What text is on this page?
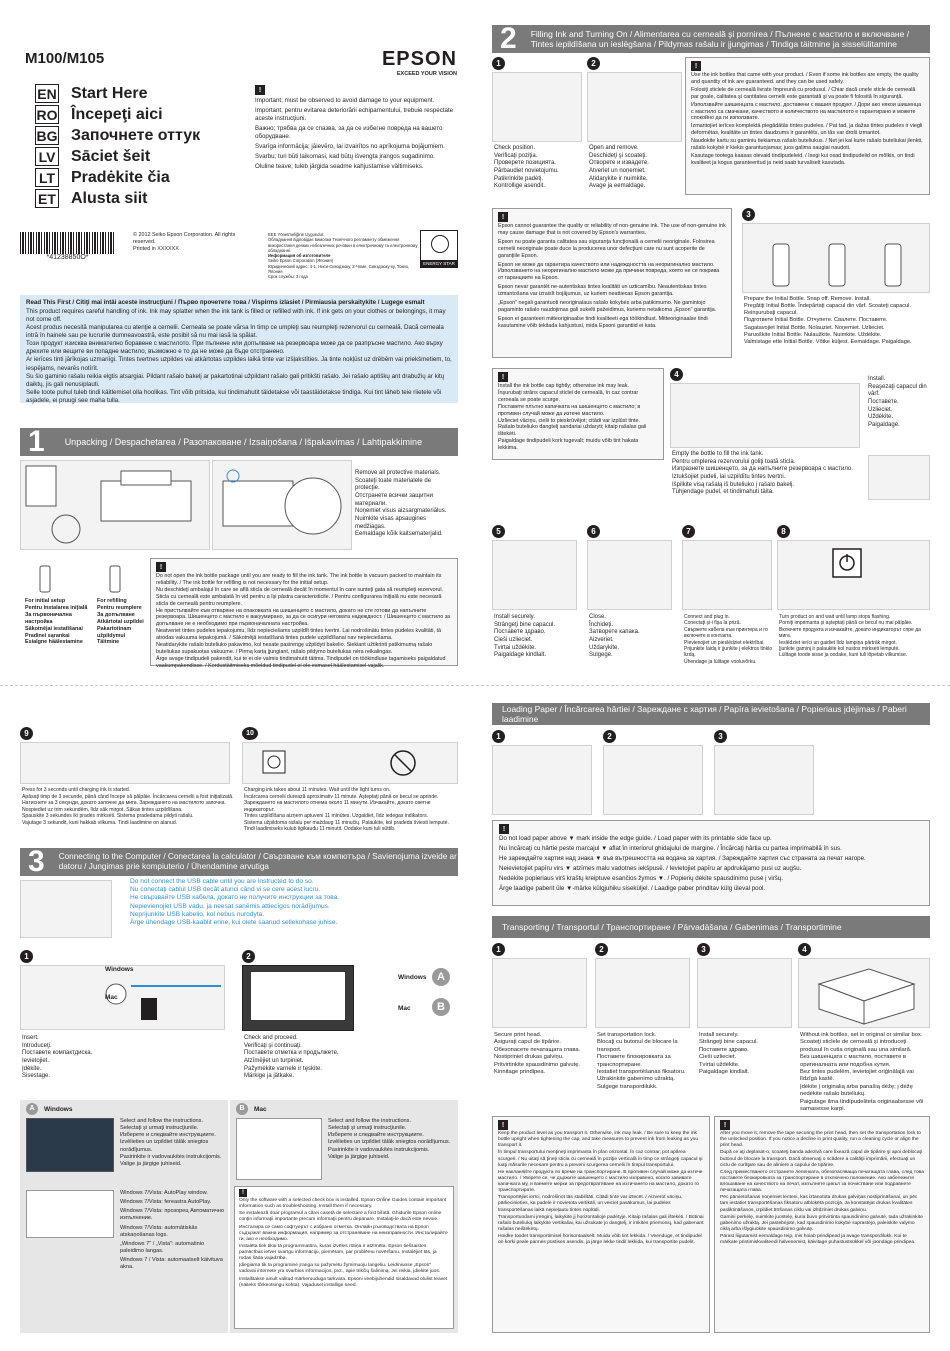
M100/M105	EPSON
EXCEED YOUR VISION
EN Start Here
RO Începeţi aici
BG Започнете оттук
LV Sāciet šeit
LT Pradėkite čia
ET Alusta siit
!
Important; must be observed to avoid damage to your equipment.
Important; pentru evitarea deteriorării echipamentului, trebuie respectate aceste instrucţiuni.
Важно; трябва да се спазва, за да се избегне повреда на вашето оборудване.
Svarīga informācija; jāievēro, lai izvairītos no aprīkojuma bojājumiem.
Svarbu; turi būti laikomasi, kad būtų išvengta įrangos sugadinimo.
Oluline teave; tuleb järgida seadme kahjustamise vältimiseks.
*41238850O*
© 2012 Seiko Epson Corporation. All rights reserved.
Printed in XXXXXX
EEE Yönetmeliğine Uygundur.
Обладнання відповідає вимогам Технічного регламенту обмеження використання деяких небезпечних речовин в електричному та електронному обладнанні.
Информация об изготовителе
Seiko Epson Corporation (Япония)
Юридический адрес: 4-1, Ниси-Синздзюку, 2-Чоме, Синздзюку-ку, Токио, Япония
Срок службы: 3 года
ENERGY STAR
Read This First / Citiţi mai întâi aceste instrucţiuni / Първо прочетете това / Vispirms izlasiet / Pirmiausia perskaitykite / Lugege esmalt
This product requires careful handling of ink. Ink may splatter when the ink tank is filled or refilled with ink. If ink gets on your clothes or belongings, it may not come off.
Acest produs necesită manipularea cu atenţie a cernelii. Cerneala se poate vărsa în timp ce umpleţi sau reumpleţi rezervorul cu cerneală. Dacă cerneala intră în hainele sau pe lucrurile dumneavoastră, este posibil să nu mai iasă la spălat.
Този продукт изисква внимателно боравене с мастилото. При пълнене или допълване на резервоара може да се разпръсне мастило. Ако върху дрехите или вещите ви попадне мастило, възможно е то да не може да бъде отстранено.
Ar ierīces tinti jārīkojas uzmanīgi. Tintes tvertnes uzpildes vai atkārtotas uzpildes laikā tinte var izšļakstīties. Ja tinte nokļūst uz drēbēm vai priekšmetiem, to, iespējams, nevarēs notīrīt.
Su šio gaminio rašalu reikia elgtis atsargiai. Pildant rašalo bakelį ar pakartotinai užpildant rašalo gali pritikšti rašalo. Jei rašalo aptiškų ant drabužių ar kitų daiktų, jis gali nenusiplauti.
Selle toote puhul tuleb tindi käitlemisel olla hoolikas. Tint võib pritsida, kui tindimahutit täidetakse või taastäidetakse tindiga. Kui tint läheb teie riietele või asjadele, ei pruugi see maha tulla.
1 Unpacking / Despachetarea / Разопаковане / Izsaiņošana / Išpakavimas / Lahtipakkimine
Remove all protective materials.
Scoateţi toate materialele de protecţie.
Отстранете всички защитни материали.
Noņemiet visus aizsargmateriālus.
Nuimkite visas apsaugines medžiagas.
Eemaldage kõik kaitsematerjalid.
For initial setup
Pentru instalarea iniţială
За първоначална настройка
Sākotnējai iestatīšanai
Pradinei sąrankai
Esialgne häälestamine
For refilling
Pentru reumplere
За допълване
Atkārtotai uzpildei
Pakartotinam užpildymui
Täitmine
!
Do not open the ink bottle package until you are ready to fill the ink tank. The ink bottle is vacuum packed to maintain its reliability. / The ink bottle for refilling is not necessary for the initial setup.
Nu deschideţi ambalajul în care se află sticla de cerneală decât în momentul în care sunteţi gata să reumpleţi rezervorul. Sticla cu cerneală este ambalată în vid pentru a îşi păstra caracteristicile. / Pentru configurarea iniţială nu este necesară sticla de cerneală pentru reumplere.
Не пристъпвайте към отваряне на опаковката на шишенцето с мастило, докато не сте готови да напълните резервоара. Шишенцето с мастило е вакуумирано, за да се осигури неговата надеждност. / Шишенцето с мастило за допълване не е необходимо при първоначалната настройка.
Neatveriet tintes pudeles iepakojumu, līdz nepieciešams uzpildīt tintes tvertni. Lai nodrošinātu tintes pudeles kvalitāti, tā atrodas vakuuma iepakojumā. / Sākotnējā iestatīšanā tintes pudele uzpildīšanai nav nepieciešama.
Neatidarykite rašalo buteliuko pakavimo, kol nesate pasirengę užpildyti bakelio. Siekiant užtikrinti patikimumą rašalo buteliukas supakuotas vakuume. / Pirmą kartą įjungiant, rašalo pildymo buteliukas nėra reikalingas.
Ärge avage tindipudeli pakendit, kui te ei ole valmis tindimahutit täitma. Tindipudel on töökindluse tagamiseks paigaldatud vaakumpakendisse. / Kordustäitmiseks mõeldud tindipudel ei ole esmasel häälestamisel vajalik.
2 Filling Ink and Turning On / Alimentarea cu cerneală şi pornirea / Пълнене с мастило и включване / Tintes iepildīšana un ieslēgšana / Pildymas rašalu ir įjungimas / Tindiga täitmine ja sisselülitamine
1
Check position.
Verificaţi poziţia.
Проверете позицията.
Pārbaudiet novietojumu.
Patikrinkite padėtį.
Kontrollige asendit.
2
Open and remove.
Deschideţi şi scoateţi.
Отворете и извадете.
Atveriet un noņemiet.
Atidarykite ir nuimkite.
Avage ja eemaldage.
!
Use the ink bottles that came with your product. / Even if some ink bottles are empty, the quality and quantity of ink are guaranteed. and they can be used safely.
Folosiţi sticlele de cerneală livrate împreună cu produsul. / Chiar dacă unele sticle de cerneală par goale, calitatea şi cantitatea cernelii este garantată şi va poate fi folosită în siguranţă.
Използвайте шишенцата с мастило, доставени с вашия продукт. / Дори ако някои шишенца с мастило са смачкани, качеството и количеството на мастилото е гарантирано и можете спокойно да ги използвате.
Izmantojiet ierīces komplektā piegādātās tintes pudeles. / Pat tad, ja dažas tintes pudeles ir viegli deformētas, kvalitāte un tintes daudzums ir garantēts, un tās var droši izmantot.
Naudokite kartu su gaminiu tiekiamus rašalo buteliukus. / Net jei kai kurie rašalo buteliukai įlenkti, rašalo kokybė ir kiekis garantuojamas; juos galima saugiai naudoti.
Kasutage tootega kaasas olevaid tindipudeleid. / Isegi kui osad tindipudelid on mõlkis, on tindi kvaliteet ja kogus garanteeritud ja neid saab turvaliselt kasutada.
!
Epson cannot guarantee the quality or reliability of non-genuine ink. The use of non-genuine ink may cause damage that is not covered by Epson's warranties.
Epson nu poate garanta calitatea sau siguranţa funcţională a cernelii neoriginale. Folosirea cernelii neoriginale poate duce la producerea unor defecţiuni care nu sunt acoperite de garanţiile Epson.
Epson не може да гарантира качеството или надеждността на неоригинално мастило. Използването на неоригинално мастило може да причини повреда, която не се покрива от гаранциите на Epson.
Epson nevar garantēt ne-autentiskas tintes kvalitāti un uzticamību. Neautentiskas tintes izmantošana var izraisīt bojājumus, uz kuriem neattiecas Epson garantija.
„Epson" negali garantuoti neoriginalaus rašalo kokybės arba patikimumo. Ne gamintojo pagaminto rašalo naudojimas gali sukelti pažeidimus, kuriems netaikoma „Epson" garantija.
Epson ei garanteeri mitteoriginaalse tindi kvaliteeti ega töökindlust. Mitteoriginaalse tindi kasutamine võib tekitada kahjustusi, mida Epsoni garantiid ei kata.
3
Prepare the Initial Bottle. Snap off. Remove. Install.
Pregătiţi Initial Bottle. Îndepărtaţi capacul din vârf. Scoateţi capacul. Reinşurubaţi capacul.
Подгответе Initial Bottle. Отчупете. Свалете. Поставете.
Sagatavojiet Initial Bottle. Nolauziet. Noņemiet. Uzlieciet.
Paruoškite Initial Bottle. Nulaužkite. Nuimkite. Uždėkite.
Valmistage ette Initial Bottle. Võtke küljest. Eemaldage. Paigaldage.
!
Install the ink bottle cap tightly; otherwise ink may leak.
Înşurubaţi strâns capacul sticlei de cerneală, în caz contrar cerneala se poate scurge.
Поставете плътно капачката на шишенцето с мастило; в противен случай може да изтече мастило.
Uzlieciet vāciņu, cieši to pieskrūvējot; citādi var izplūst tinte.
Rašalo buteliuko dangtelį sandariai uždaryti; kitaip rašalas gali ištekėti.
Paigaldage tindipudeli kork tugevalt; muidu võib tint hakata lekkima.
4	Install.
Reaşezaţi capacul din vârf.
Поставете.
Uzlieciet.
Uždėkite.
Paigaldage.
Empty the bottle to fill the ink tank.
Pentru umplerea rezervorului goliţi toată sticla.
Изпразнете шишенцето, за да напълните резервоара с мастило.
Iztukšojiet pudeli, lai uzpildītu tintes tvertni.
Išpilkite visą rašalą iš buteliuko į rašalo bakelį.
Tühjendage pudel, et tindimahuti täita.
5
Install securely.
Strângeţi bine capacul.
Поставете здраво.
Cieši uzlieciet.
Tvirtai uždėkite.
Paigaldage kindlalt.
6
Close.
Închideţi.
Затворете капака.
Aizveriet.
Uždarykite.
Sulgege.
7
Connect and plug in.
Conectaţi şi-i fişa la priză.
Свържете кабела към принтера и го включете в контакта.
Pievienojiet un pieslēdziet elektrībai.
Prijunkite laidą ir įjunkite į elektros tinklo lizdą.
Ühendage ja lülitage vooluvõrku.
8
Turn product on and wait until lamp stops flashing.
Porniţi imprimanta şi aşteptaţi până ce becul nu mai pâlpăie.
Включете продукта и изчакайте, докато индикаторът спре да мига.
Ieslēdziet ierīci un gaidiet līdz lampiņa pārtrāk mirgot.
Įjunkite gaminį ir palaukite kol nustos mirksėti lemputė.
Lülitage toode sisse ja oodake, kuni tuli lõpetab vilkumise.
9
Press for 3 seconds until charging ink is started.
Apăsaţi timp de 3 secunde, până când începe să pâlpâie. Încărcarea cernelii a fost iniţializată.
Натиснете за 3 секунди, докато започне да мига. Зареждането на мастилото започна.
Nospiediet uz trim sekundēm, līdz sāk mirgot. Sākas tintes uzpildīšana.
Spauskite 3 sekundes iki pradės mirksėti. Sistema pradedama pildyti rašalu.
Vajutage 3 sekundit, kuni hakkab vilkuma. Tindi laadimine on alanud.
10
Charging ink takes about 11 minutes. Wait until the light turns on.
Încărcarea cernelii durează aproximativ 11 minute. Aşteptaţi până ce becul se aprinde.
Зареждането на мастилото отнема около 11 минути. Изчакайте, докато светне индикаторът.
Tintes uzpildīšana aizņem aptuveni 11 minūtes. Uzgaidiet, līdz iedegas indikators.
Sistema užpildoma rašalu per maždaug 11 minučių. Palaukite, kol pradeda šviesti lemputė.
Tindi laadimiseks kulub ligikaudu 11 minutit. Oodake kuni tuli süttib.
3 Connecting to the Computer / Conectarea la calculator / Свързване към компютъра / Savienojuma izveide ar datoru / Jungimas prie kompiuterio / Ühendamine arvutiga
Do not connect the USB cable until you are instructed to do so.
Nu conectaţi cablul USB decât atunci când vi se cere acest lucru.
Не свързвайте USB кабела, докато не получите инструкции за това.
Nepievienojiet USB vadu, ja neesat saņēmis attiecīgos norādījumus.
Neprijunkite USB kabelio, kol nebus nurodyta.
Ärge ühendage USB-kaablit enne, kui olete saanud sellekohase juhise.
1
Windows
Mac
Insert.
Introduceţi.
Поставете компактдиска.
Ievietojiet.
Įdėkite.
Sisestage.
2
Windows
Mac
A
B
Check and proceed.
Verificaţi şi continuaţi.
Поставете отметка и продължете.
Atzīmējiet un turpiniet.
Pažymėkite varnele ir tęskite.
Märkige ja jätkake.
A	Windows
Select and follow the instructions.
Selectaţi şi urmaţi instrucţiunile.
Изберете и следвайте инструкциите.
Izvēlieties un izpildiet tālāk sniegtos norādījumus.
Pasirinkite ir vadovaukitės instrukcijomis.
Valige ja järgige juhiseid.
Windows 7/Vista: AutoPlay window.
Windows 7/Vista: fereastra AutoPlay.
Windows 7/Vista: прозорец Автоматично изпълнение.
Windows 7/Vista: automātiskās atskaņošanas logs.
„Windows 7" / „Vista": automatinio paleidimo langas.
Windows 7 / Vista: automaatselt käivituva akna.
B	Mac
Select and follow the instructions.
Selectaţi şi urmaţi instrucţiunile.
Изберете и следвайте инструкциите.
Izvēlieties un izpildiet tālāk sniegtos norādījumus.
Pasirinkite ir vadovaukitės instrukcijomis.
Valige ja järgige juhiseid.
!
Only the software with a selected check box is installed. Epson Online Guides contain important information such as troubleshooting. Install them if necessary.
Se instalează doar programul a cărei casetă de selectare a fost bifată. Ghidurile Epson online conţin informaţii importante precum informaţii pentru depanare. Instalaţi-le dacă este nevoie.
Инсталира се само софтуерът с избрано отметка. Онлайн ръководствата на Epson съдържат важна информация, например за отстраняване на неизправности. Инсталирайте ги, ако е необходимо.
Instalēta tiek tikai tā programmatūra, kuras izvēles rūtiņa ir atzīmēta. Epson tiešsaistes pamācības ietver svarīgu informāciju, piemēram, par problēmu novēršanu. Instalējiet tās, ja rodas šāda vajadzība.
Įdiegiama tik ta programinė įranga su pažymėtu žymimuoju langeliu. Leidiniuose „Epson" vadovai internete yra svarbios informacijos, pvz., apie trikčių šalinimą. Jei reikia, įdiekite juos.
Installitakse ainult valitud märkeruuduga tarkvara. Epsoni veebijuhendid sisaldavad olulist teavet (näiteks tõrkeotsingu kohta). Vajadusel installige need.
Loading Paper / Încărcarea hârtiei / Зареждане с хартия / Papīra ievietošana / Popieriaus įdėjimas / Paberi laadimine
1	2	3
!
Do not load paper above ▼ mark inside the edge guide. / Load paper with its printable side face up.
Nu încărcaţi cu hârtie peste marcajul ▼ aflat în interiorul ghidajului de margine. / Încărcaţi hârtia cu partea imprimabilă în sus.
Не зареждайте хартия над знака ▼ във вътрешността на водача за хартия. / Зареждайте хартия със страната за печат нагоре.
Neievietojiet papīru virs ▼ atzīmes malu vadotnes iekšpusē. / Ievietojiet papīru ar apdrukājamo pusi uz augšu.
Nedėkite popieriaus virš kraštų kreiptuve esančios žymos ▼. / Popierių dėkite spausdinimo puse į viršų.
Ärge laadige paberit üle ▼-märke külgjuhiku siseküljel. / Laadige paber prinditav külg üleval pool.
Transporting / Transportul / Транспортиране / Pārvadāšana / Gabenimas / Transportimine
1
Secure print head.
Asiguraţi capul de tipărire.
Обезопасете печатащата глава.
Nostipriniet drukas galviņu.
Pritvirtinkite spausdinimo galvutę.
Kinnitage prindipea.
2
Set transportation lock.
Blocaţi cu butonul de blocare la transport.
Поставете блокировката за транспортиране.
Iestatiet transportēšanas fiksatoru.
Užrakinkite gabenimo užraktą.
Sulgege transpordilukk.
3
Install securely.
Strângeţi bine capacul.
Поставете здраво.
Cieši uzlieciet.
Tvirtai uždėkite.
Paigaldage kindlalt.
4
Without ink bottles, set in original or similar box.
Scoateţi sticlele de cerneală şi introduceţi produsul în cutia originală sau una similară.
Без шишенцата с мастило, поставете в оригиналната или подобна кутия.
Bez tintes pudelēm, ievietojiet oriģinālajā vai līdzīgā kastē.
Įdėkite į originalią arba panašią dėžę; į dėžę nedėkite rašalo buteliukų.
Paigutage ilma tindipudeliteta originaalsesse või samasesse karpi.
!
Keep the product level as you transport it. Otherwise, ink may leak. / Be sure to keep the ink bottle upright when tightening the cap, and take measures to prevent ink from leaking as you transport it.
În timpul transportului menţineţi imprimanta în plan orizontal. În caz contrar, pot apărea scurgeri. / Nu uitaţi să ţineţi sticla cu cerneală în poziţie verticală în timp ce strângeţi capacul şi luaţi măsurile necesare pentru a preveni scurgerea cernelii în timpul transportului.
Не накланяйте продукта по време на транспортиране. В противен случай може да изтече мастило. / Уверете се, че държите шишенцето с мастило изправено, когато завивате капачката му, и вземете мерки за предотвратяване на изтичането на мастило, докато го транспортирате.
Transportējiet ierīci, nodrošinot tās stabilitāti. Citādi tinte var iztecēt. / Aizverot vāciņu, pārliecinieties, ka pudele ir novietota vertikāli, un veiciet pasākumus, lai pudeles transportēšanas laikā nepieļautu tintes noplūdi.
Transportuodami įrenginį, laikykite jį horizontalioje padėtyje. Kitaip rašalas gali ištekėti. / Būtinai rašalo buteliuką laikykite vertikaliai, kai užsukate jo dangtelį, ir imkitės priemonių, kad gabenant rašalas neištekėtų.
Hoidke toodet transportimisel horisontaalselt. Muidu võib tint lekkida. / Veenduge, et tindipudel on korki peale pannes püstises asendis, ja järge lekke tindil lekkida, kui transportite pudelit.
!
After you move it, remove the tape securing the print head, then set the transportation lock to the unlocked position. If you notice a decline in print quality, run a cleaning cycle or align the print head.
După ce aţi deplasat-o, scoateţi banda adezivă care fixează capul de tipărire şi apoi deblocaţi butonul de blocare la transport. Dacă observaţi o scădere a calităţii imprimării, efectuaţi un ciclu de curăţare sau de aliniere a capului de tipărire.
След преместването отстранете лепенката, обезопасяваща печатащата глава, след това поставете блокировката за транспортиране в отключено положение. Ако забележите влошаване на качеството на печат, изпълнете цикъл за почистване или подравнете печатащата глава.
Pēc pārvietošanas noņemiet lenteni, kas iztanotota drukas galviņas nostiprināšanai, un pēc tam iestatiet transportēšanas fiksatoru atbloķētā pozīcijā. Ja konstatējat drukas kvalitātes pasliktināšanos, izpildiet tīrīšanas ciklu vai izlīdziniet drukas galviņu.
Gamini perkėlę, nuimkite juostelę, kuria buvo pritvirtinta spausdinimo galvutė, tada užrakinkite gabenimo užraktą. Jei pastebėjote, kad spausdinimo kokybė suprastėjo, paleiskite valymo ciklą arba išlygiuokite spausdinimo galvutę.
Pärast liigutamist eemaldage teip, mis hoiab prindipead ja avage transpordilukk. Kui te märkate printimiskvaliteedi halvenemist, käivitage puhastustsükkel või joondage prindipea.
